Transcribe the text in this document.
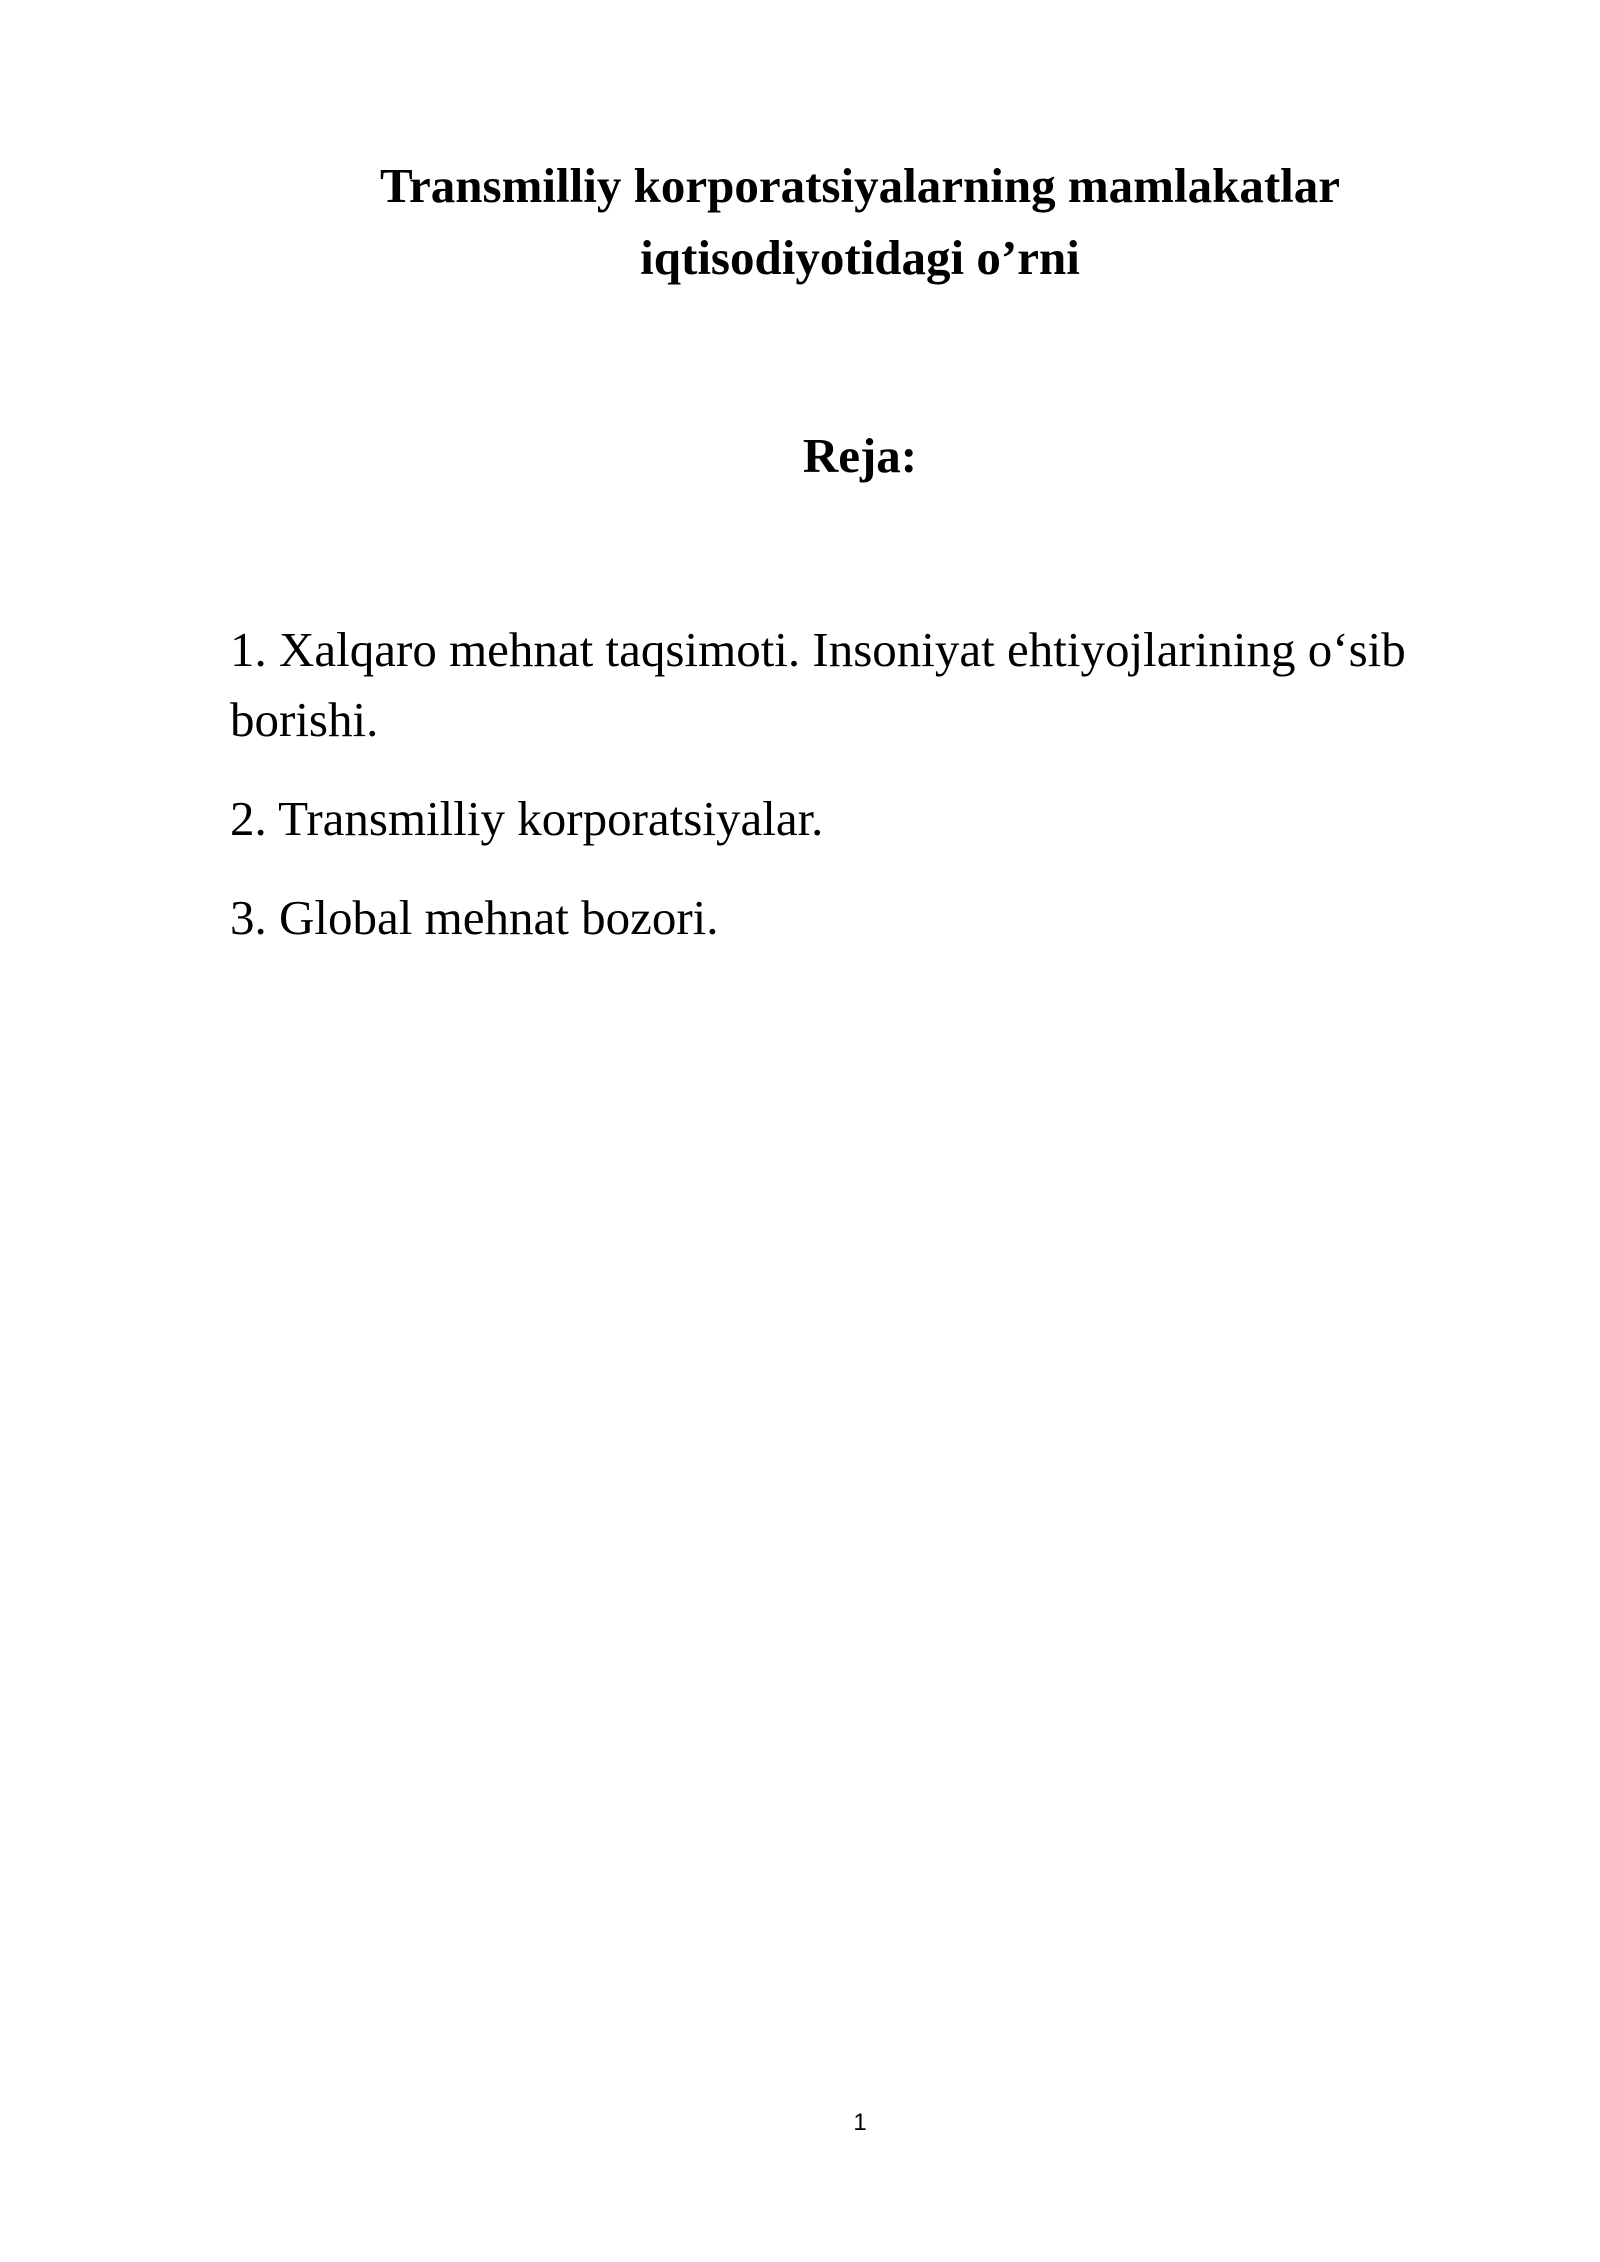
Transmilliy korporatsiyalarning mamlakatlar iqtisodiyotidagi o’rni
Reja:
1. Xalqaro mehnat taqsimoti. Insoniyat ehtiyojlarining o‘sib borishi.
2. Transmilliy korporatsiyalar.
3. Global mehnat bozori.
1
